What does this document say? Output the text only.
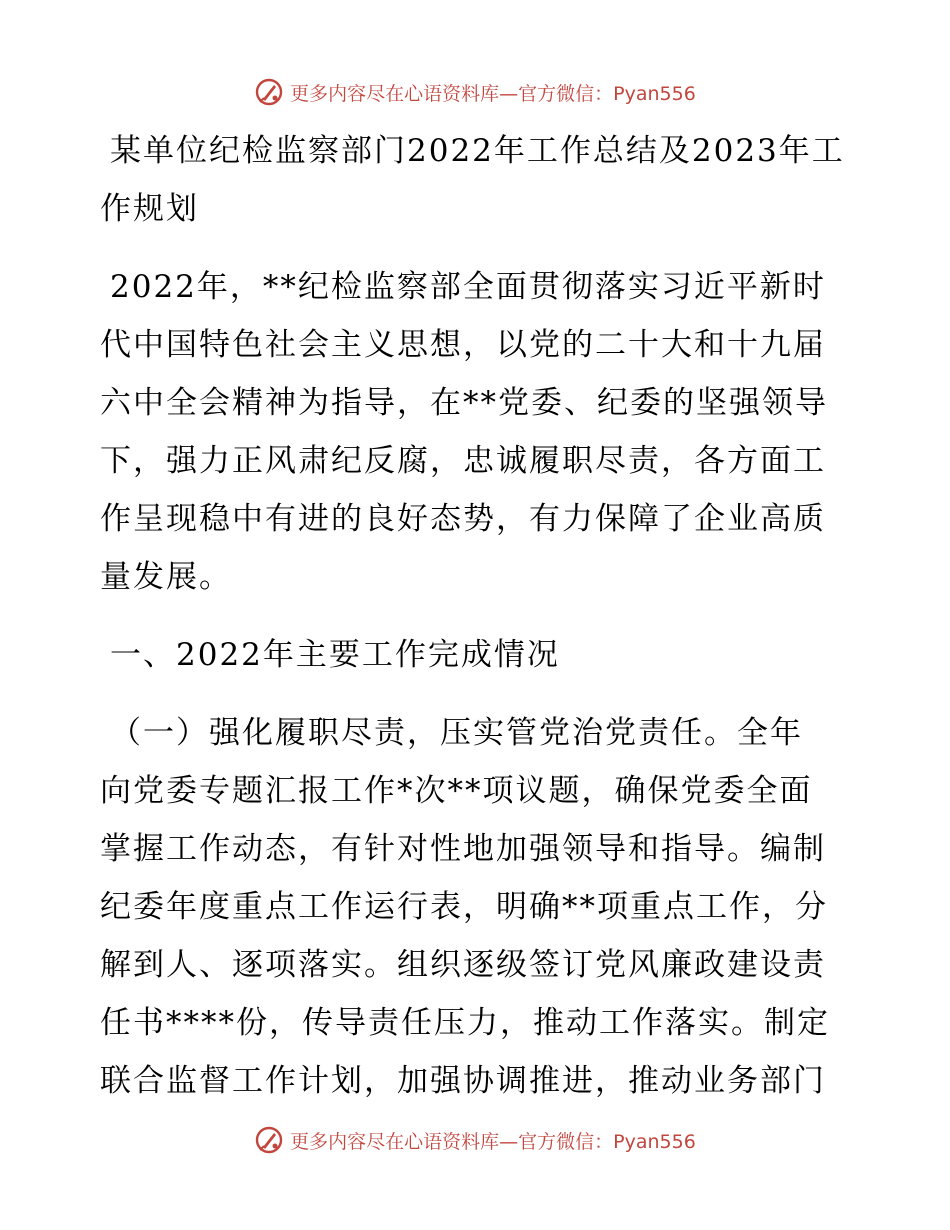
更多内容尽在心语资料库—官方微信：Pyan556
某单位纪检监察部门2022年工作总结及2023年工
作规划
2022年，**纪检监察部全面贯彻落实习近平新时
代中国特色社会主义思想，以党的二十大和十九届
六中全会精神为指导，在**党委、纪委的坚强领导
下，强力正风肃纪反腐，忠诚履职尽责，各方面工
作呈现稳中有进的良好态势，有力保障了企业高质
量发展。
一、2022年主要工作完成情况
（一）强化履职尽责，压实管党治党责任。全年
向党委专题汇报工作*次**项议题，确保党委全面
掌握工作动态，有针对性地加强领导和指导。编制
纪委年度重点工作运行表，明确**项重点工作，分
解到人、逐项落实。组织逐级签订党风廉政建设责
任书****份，传导责任压力，推动工作落实。制定
联合监督工作计划，加强协调推进，推动业务部门
更多内容尽在心语资料库—官方微信：Pyan556
